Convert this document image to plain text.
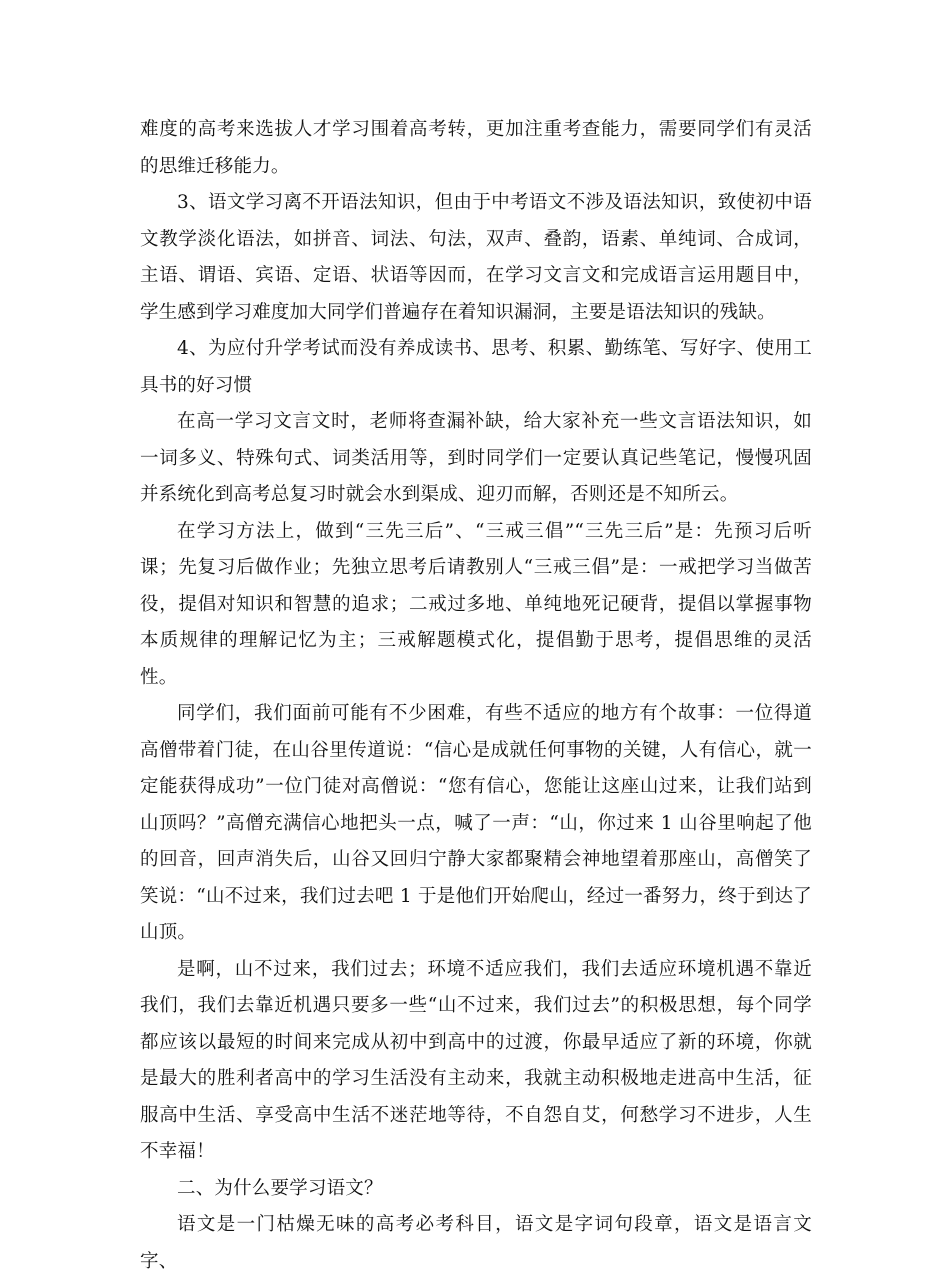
难度的高考来选拔人才学习围着高考转，更加注重考查能力，需要同学们有灵活的思维迁移能力。

3、语文学习离不开语法知识，但由于中考语文不涉及语法知识，致使初中语文教学淡化语法，如拼音、词法、句法，双声、叠韵，语素、单纯词、合成词，主语、谓语、宾语、定语、状语等因而，在学习文言文和完成语言运用题目中，学生感到学习难度加大同学们普遍存在着知识漏洞，主要是语法知识的残缺。

4、为应付升学考试而没有养成读书、思考、积累、勤练笔、写好字、使用工具书的好习惯

在高一学习文言文时，老师将查漏补缺，给大家补充一些文言语法知识，如一词多义、特殊句式、词类活用等，到时同学们一定要认真记些笔记，慢慢巩固并系统化到高考总复习时就会水到渠成、迎刃而解，否则还是不知所云。

在学习方法上，做到“三先三后”、“三戒三倡”“三先三后”是：先预习后听课；先复习后做作业；先独立思考后请教别人“三戒三倡”是：一戒把学习当做苦役，提倡对知识和智慧的追求；二戒过多地、单纯地死记硬背，提倡以掌握事物本质规律的理解记忆为主；三戒解题模式化，提倡勤于思考，提倡思维的灵活性。

同学们，我们面前可能有不少困难，有些不适应的地方有个故事：一位得道高僧带着门徒，在山谷里传道说：“信心是成就任何事物的关键，人有信心，就一定能获得成功”一位门徒对高僧说：“您有信心，您能让这座山过来，让我们站到山顶吗？”高僧充满信心地把头一点，喊了一声：“山，你过来 1 山谷里响起了他的回音，回声消失后，山谷又回归宁静大家都聚精会神地望着那座山，高僧笑了笑说：“山不过来，我们过去吧 1 于是他们开始爬山，经过一番努力，终于到达了山顶。

是啊，山不过来，我们过去；环境不适应我们，我们去适应环境机遇不靠近我们，我们去靠近机遇只要多一些“山不过来，我们过去”的积极思想，每个同学都应该以最短的时间来完成从初中到高中的过渡，你最早适应了新的环境，你就是最大的胜利者高中的学习生活没有主动来，我就主动积极地走进高中生活，征服高中生活、享受高中生活不迷茫地等待，不自怨自艾，何愁学习不进步，人生不幸福！

二、为什么要学习语文？

语文是一门枯燥无味的高考必考科目，语文是字词句段章，语文是语言文字、
